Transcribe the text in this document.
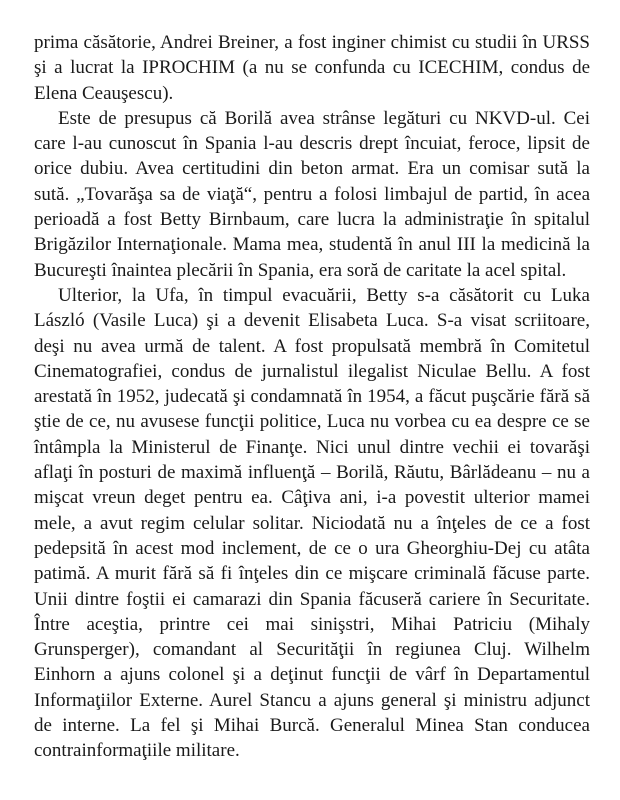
prima căsătorie, Andrei Breiner, a fost inginer chimist cu studii în URSS şi a lucrat la IPROCHIM (a nu se confunda cu ICECHIM, condus de Elena Ceauşescu).

Este de presupus că Borilă avea strânse legături cu NKVD-ul. Cei care l-au cunoscut în Spania l-au descris drept încuiat, feroce, lipsit de orice dubiu. Avea certitudini din beton armat. Era un comisar sută la sută. „Tovarăşa sa de viaţă“, pentru a folosi limbajul de partid, în acea perioadă a fost Betty Birnbaum, care lucra la administraţie în spitalul Brigăzilor Internaţionale. Mama mea, studentă în anul III la medicină la Bucureşti înaintea plecării în Spania, era soră de caritate la acel spital.

Ulterior, la Ufa, în timpul evacuării, Betty s-a căsătorit cu Luka László (Vasile Luca) şi a devenit Elisabeta Luca. S-a visat scriitoare, deşi nu avea urmă de talent. A fost propulsată membră în Comitetul Cinematografiei, condus de jurnalistul ilegalist Niculae Bellu. A fost arestată în 1952, judecată şi condamnată în 1954, a făcut puşcărie fără să ştie de ce, nu avusese funcţii politice, Luca nu vorbea cu ea despre ce se întâmpla la Ministerul de Finanţe. Nici unul dintre vechii ei tovarăşi aflaţi în posturi de maximă influenţă – Borilă, Răutu, Bârlădeanu – nu a mişcat vreun deget pentru ea. Câţiva ani, i-a povestit ulterior mamei mele, a avut regim celular solitar. Niciodată nu a înţeles de ce a fost pedepsită în acest mod inclement, de ce o ura Gheorghiu-Dej cu atâta patimă. A murit fără să fi înţeles din ce mişcare criminală făcuse parte. Unii dintre foştii ei camarazi din Spania făcuseră cariere în Securitate. Între aceştia, printre cei mai sinişstri, Mihai Patriciu (Mihaly Grunsperger), comandant al Securităţii în regiunea Cluj. Wilhelm Einhorn a ajuns colonel şi a deţinut funcţii de vârf în Departamentul Informaţiilor Externe. Aurel Stancu a ajuns general şi ministru adjunct de interne. La fel şi Mihai Burcă. Generalul Minea Stan conducea contrainformaţiile militare.
